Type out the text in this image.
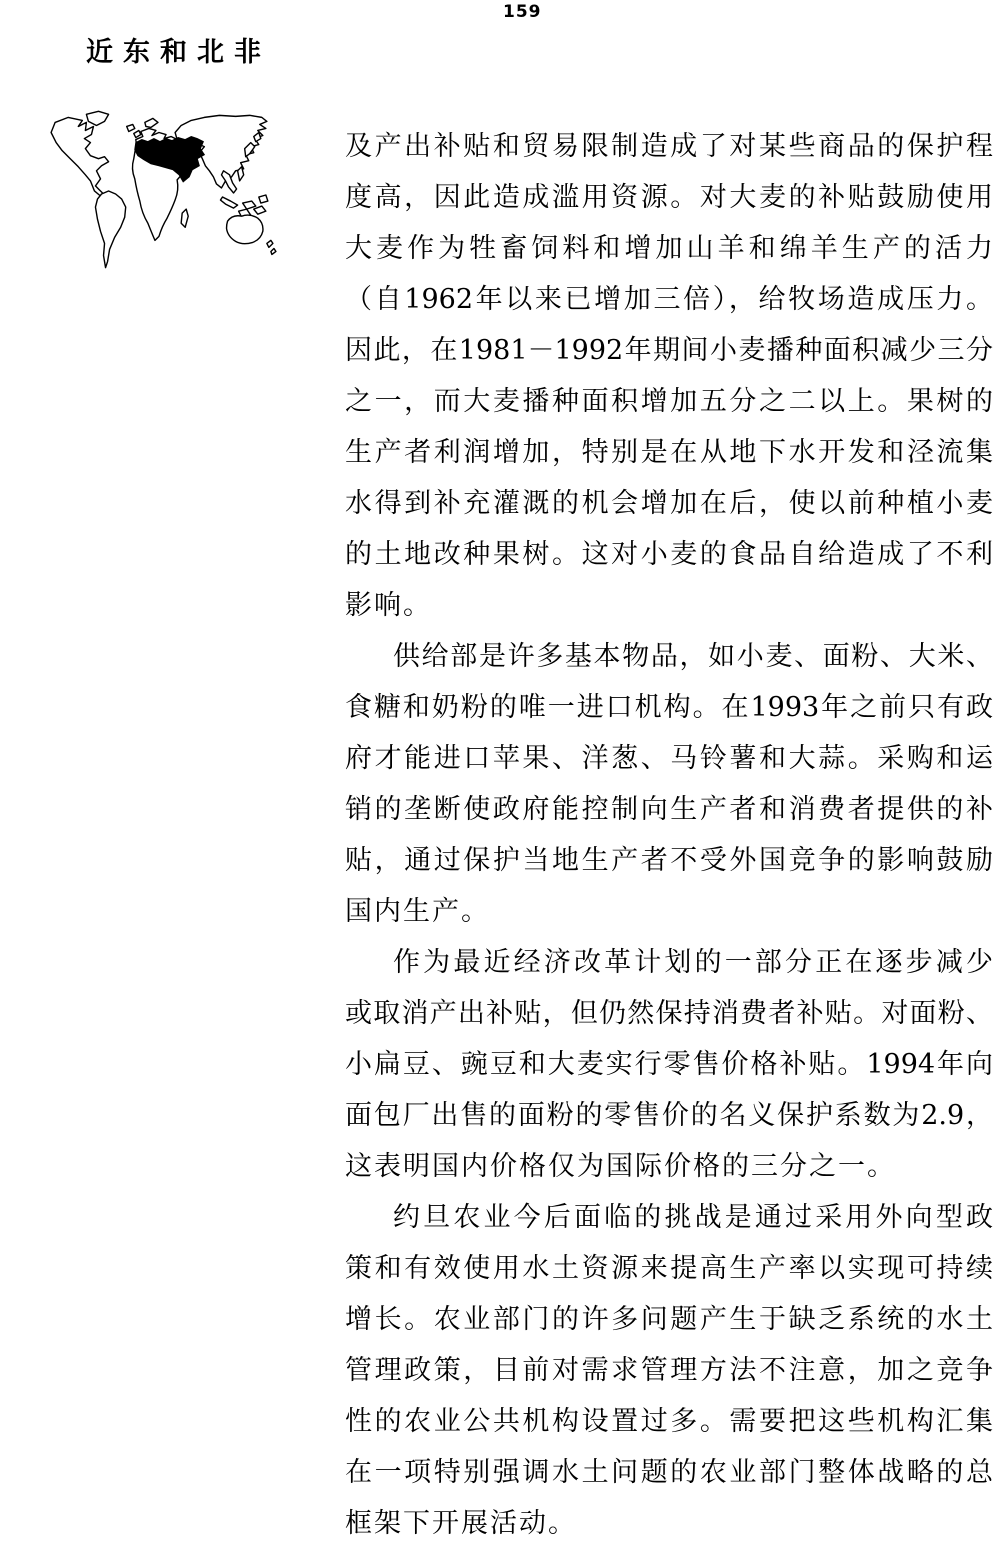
159
近东和北非
及产出补贴和贸易限制造成了对某些商品的保护程
度高，因此造成滥用资源。对大麦的补贴鼓励使用
大麦作为牲畜饲料和增加山羊和绵羊生产的活力
（自1962年以来已增加三倍），给牧场造成压力。
因此，在1981－1992年期间小麦播种面积减少三分
之一，而大麦播种面积增加五分之二以上。果树的
生产者利润增加，特别是在从地下水开发和泾流集
水得到补充灌溉的机会增加在后，使以前种植小麦
的土地改种果树。这对小麦的食品自给造成了不利
影响。
供给部是许多基本物品，如小麦、面粉、大米、
食糖和奶粉的唯一进口机构。在1993年之前只有政
府才能进口苹果、洋葱、马铃薯和大蒜。采购和运
销的垄断使政府能控制向生产者和消费者提供的补
贴，通过保护当地生产者不受外国竞争的影响鼓励
国内生产。
作为最近经济改革计划的一部分正在逐步减少
或取消产出补贴，但仍然保持消费者补贴。对面粉、
小扁豆、豌豆和大麦实行零售价格补贴。1994年向
面包厂出售的面粉的零售价的名义保护系数为2.9，
这表明国内价格仅为国际价格的三分之一。
约旦农业今后面临的挑战是通过采用外向型政
策和有效使用水土资源来提高生产率以实现可持续
增长。农业部门的许多问题产生于缺乏系统的水土
管理政策，目前对需求管理方法不注意，加之竞争
性的农业公共机构设置过多。需要把这些机构汇集
在一项特别强调水土问题的农业部门整体战略的总
框架下开展活动。
